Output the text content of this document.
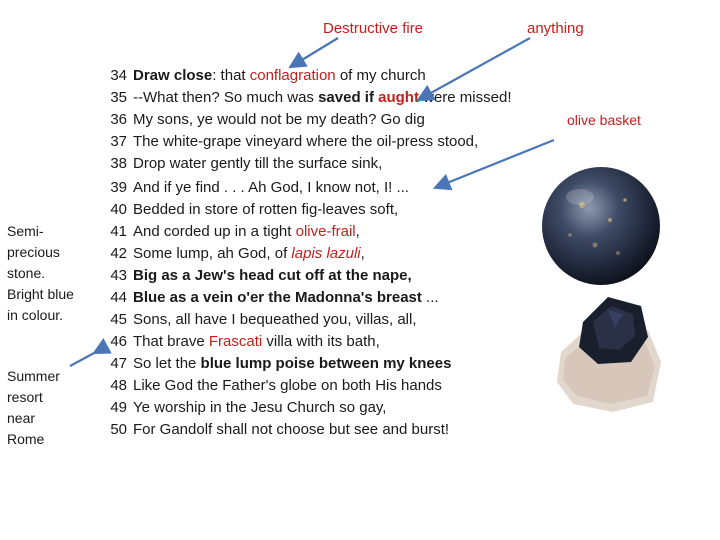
Destructive fire	anything
olive basket
Semi-
precious
stone.
Bright blue
in colour.
Summer
resort
near
Rome
34 Draw close: that conflagration of my church
35 --What then? So much was saved if aught were missed!
36 My sons, ye would not be my death? Go dig
37 The white-grape vineyard where the oil-press stood,
38 Drop water gently till the surface sink,
39 And if ye find . . . Ah God, I know not, I! ...
40 Bedded in store of rotten fig-leaves soft,
41 And corded up in a tight olive-frail,
42 Some lump, ah God, of lapis lazuli,
43 Big as a Jew's head cut off at the nape,
44 Blue as a vein o'er the Madonna's breast ...
45 Sons, all have I bequeathed you, villas, all,
46 That brave Frascati villa with its bath,
47 So let the blue lump poise between my knees
48 Like God the Father's globe on both His hands
49 Ye worship in the Jesu Church so gay,
50 For Gandolf shall not choose but see and burst!
